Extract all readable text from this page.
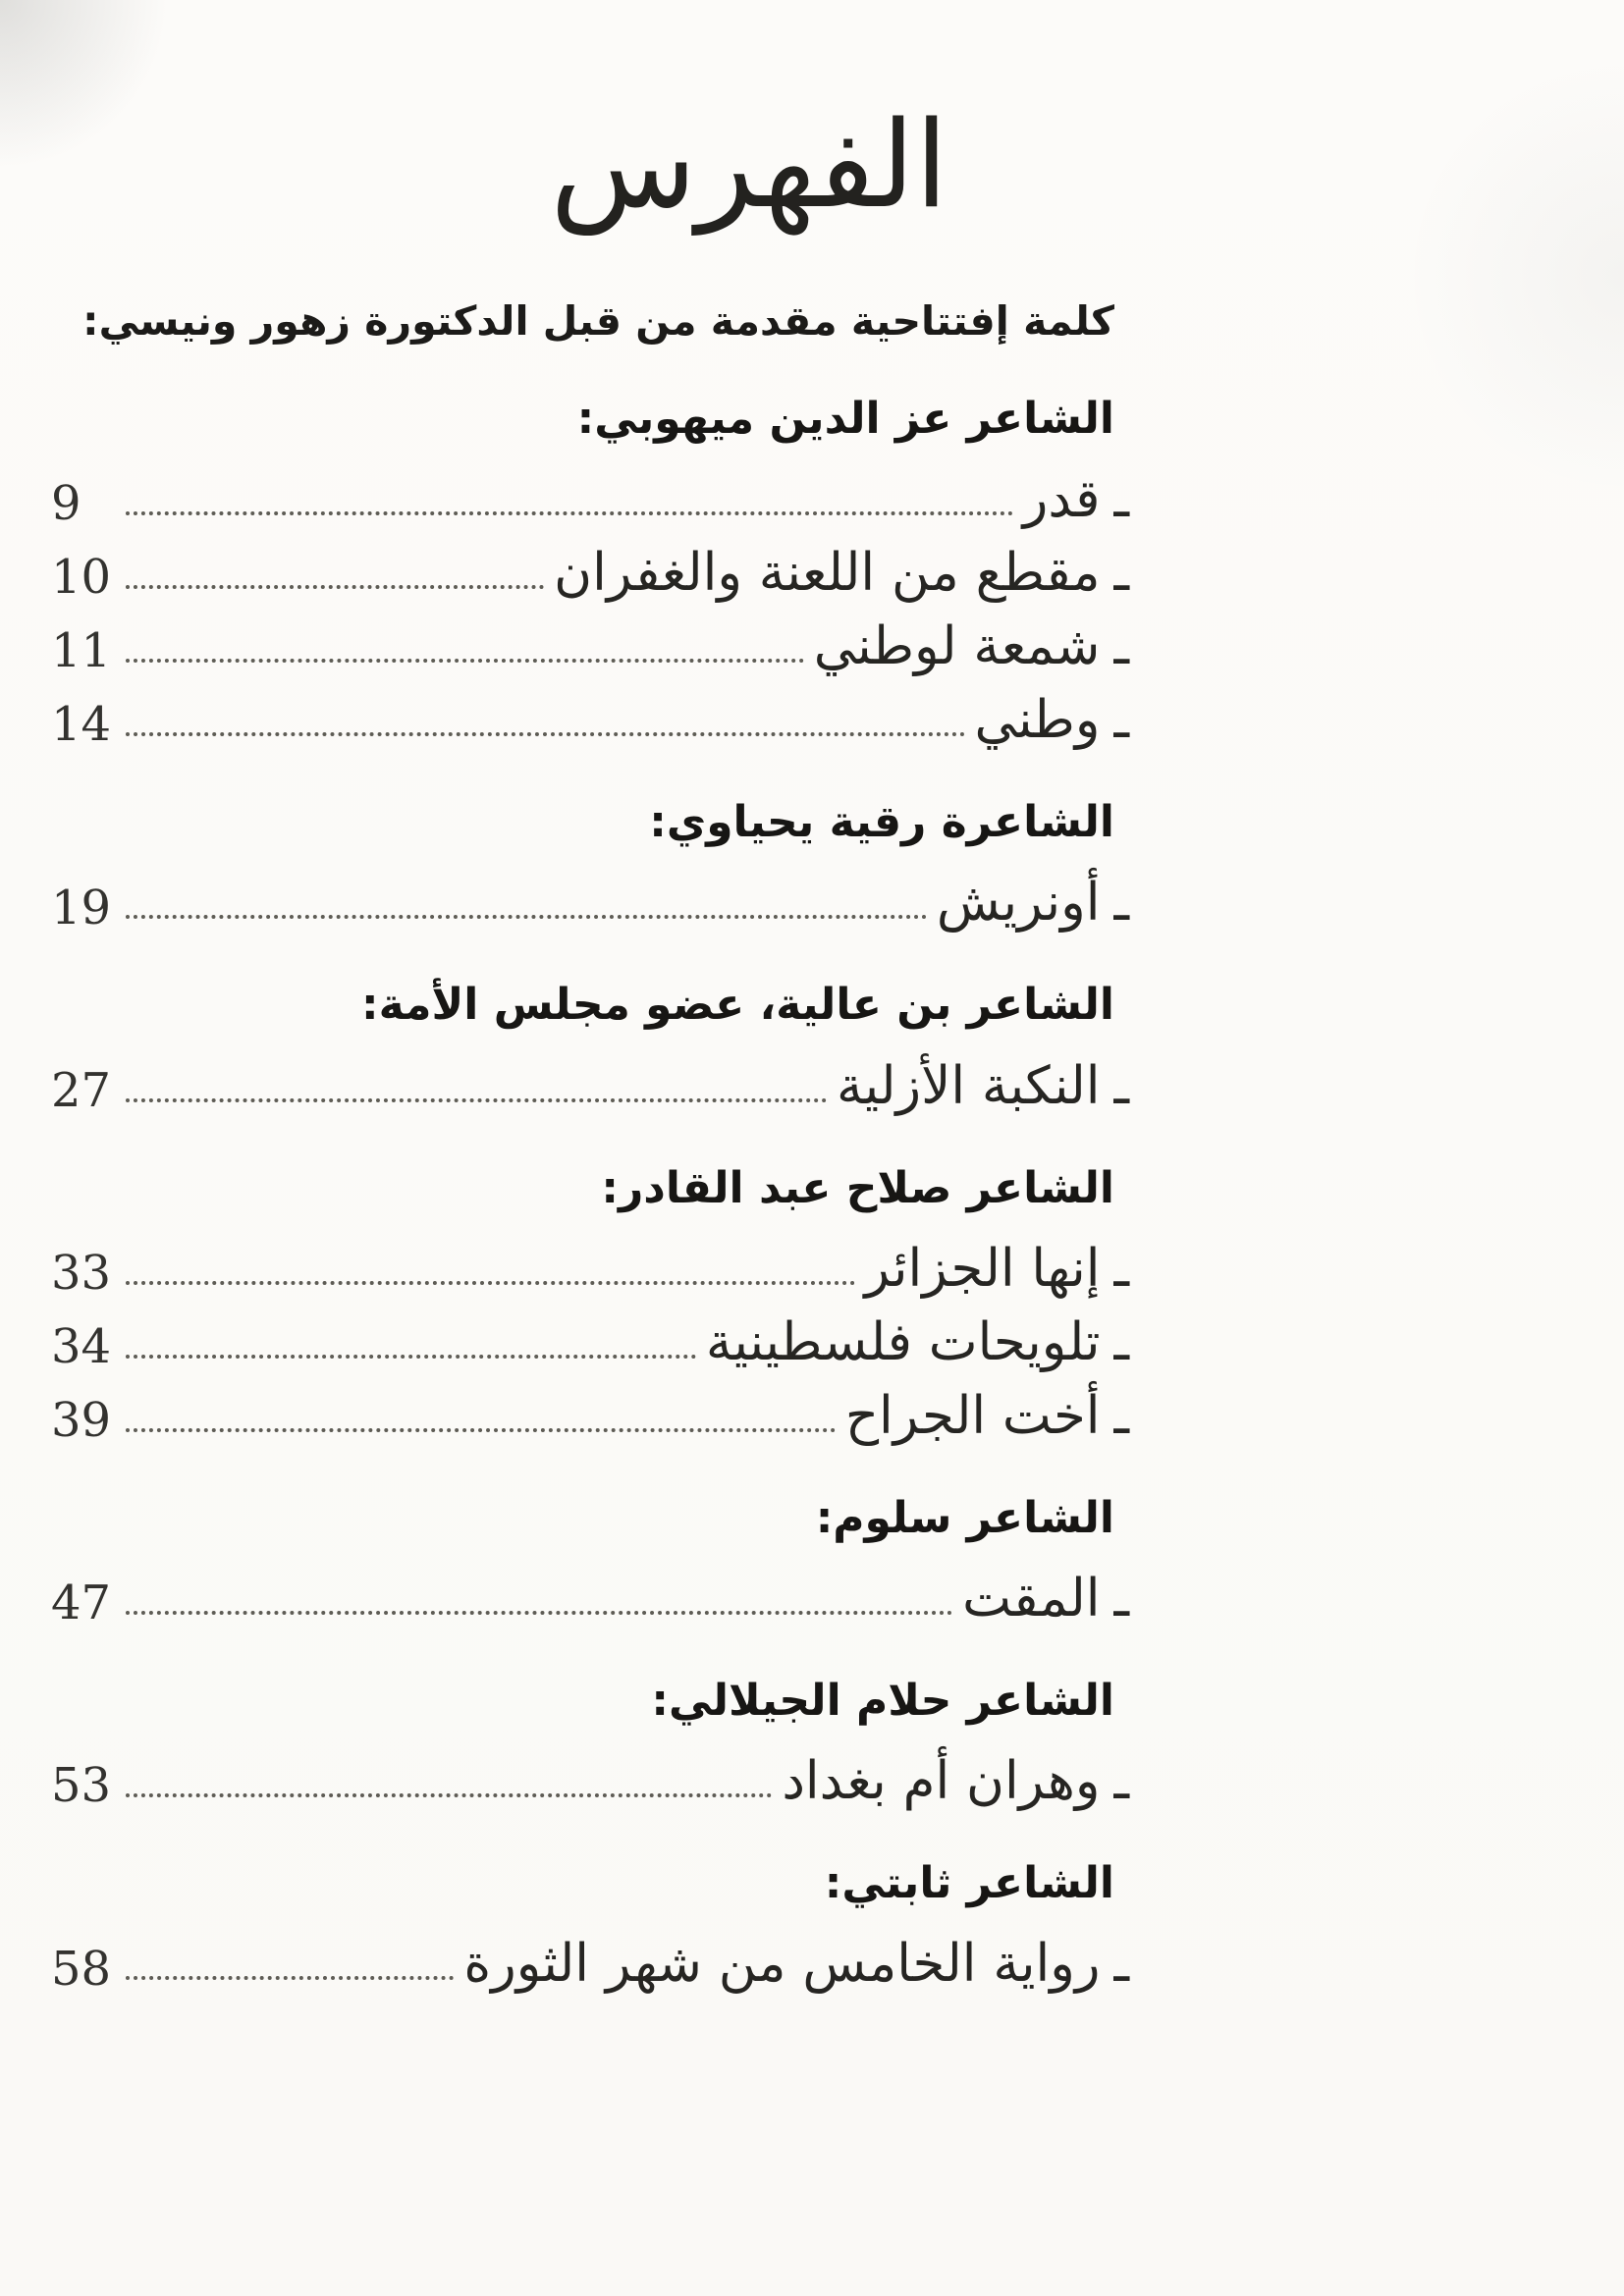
الفهرس

كلمة إفتتاحية مقدمة من قبل الدكتورة زهور ونيسي:

الشاعر عز الدين ميهوبي:
9	قدر ـ
10	مقطع من اللعنة والغفران ـ
11	شمعة لوطني ـ
14	وطني ـ
الشاعرة رقية يحياوي:
19	أونريش ـ
الشاعر بن عالية، عضو مجلس الأمة:
27	النكبة الأزلية ـ
الشاعر صلاح عبد القادر:
33	إنها الجزائر ـ
34	تلويحات فلسطينية ـ
39	أخت الجراح ـ
الشاعر سلوم:
47	المقت ـ
الشاعر حلام الجيلالي:
53	وهران أم بغداد ـ
الشاعر ثابتي:
58	رواية الخامس من شهر الثورة ـ
